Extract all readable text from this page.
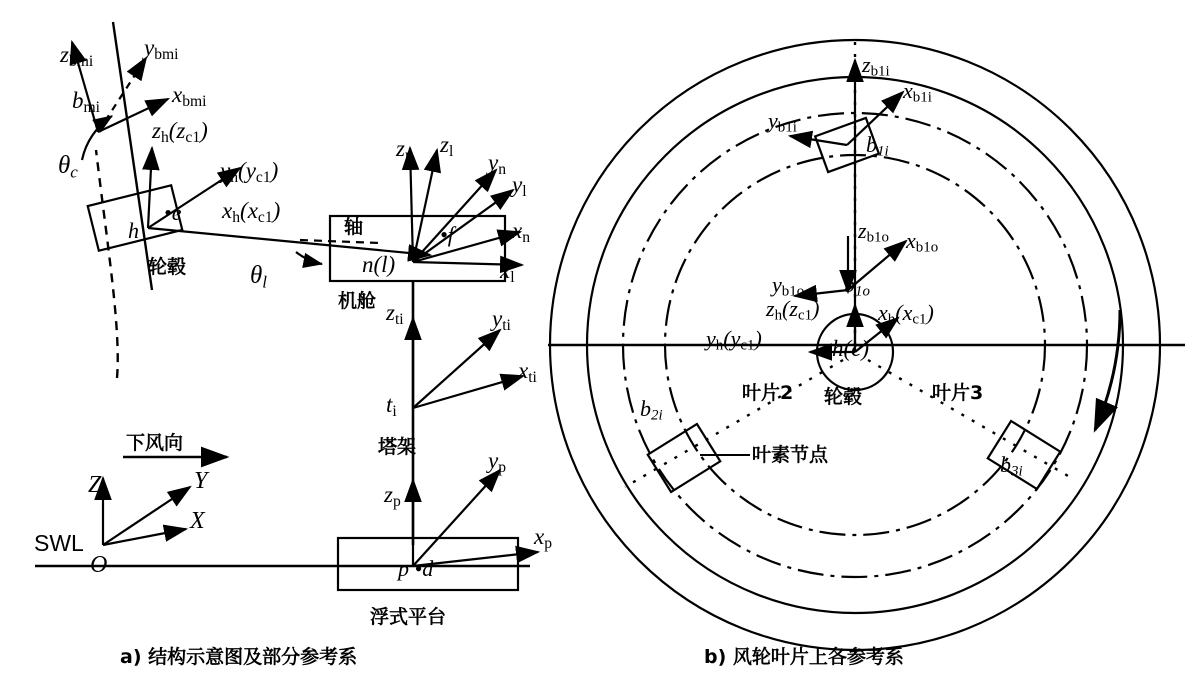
$z_{bmi}$
$y_{bmi}$
$x_{bmi}$
$b_{mi}$
θc
$z_h(z_{c1})$
$y_h(y_{c1})$
$x_h(x_{c1})$
h
•e
轮毂
轴
θl
$z_n$ $z_l$ $y_n$
$y_l$
$x_n$
$x_l$
n(l)
•f
机舱 $z_{ti}$	$y_{ti}$
$x_{ti}$
$t_i$
塔架
$z_p$
$y_p$
$x_p$
p •d
浮式平台
下风向
Z	Y
X
O
SWL
$z_{b1i}$
$x_{b1i}$
$y_{b1i}$
b1i
$z_{b1o}$ $x_{b1o}$
$y_{b1o}$ b1o
$z_h(z_{c1})$	$x_h(x_{c1})$
$y_h(y_{c1})$	h(c)
轮毂
叶片2	叶片3
b2i
b3i
叶素节点
a) 结构示意图及部分参考系	b) 风轮叶片上各参考系
